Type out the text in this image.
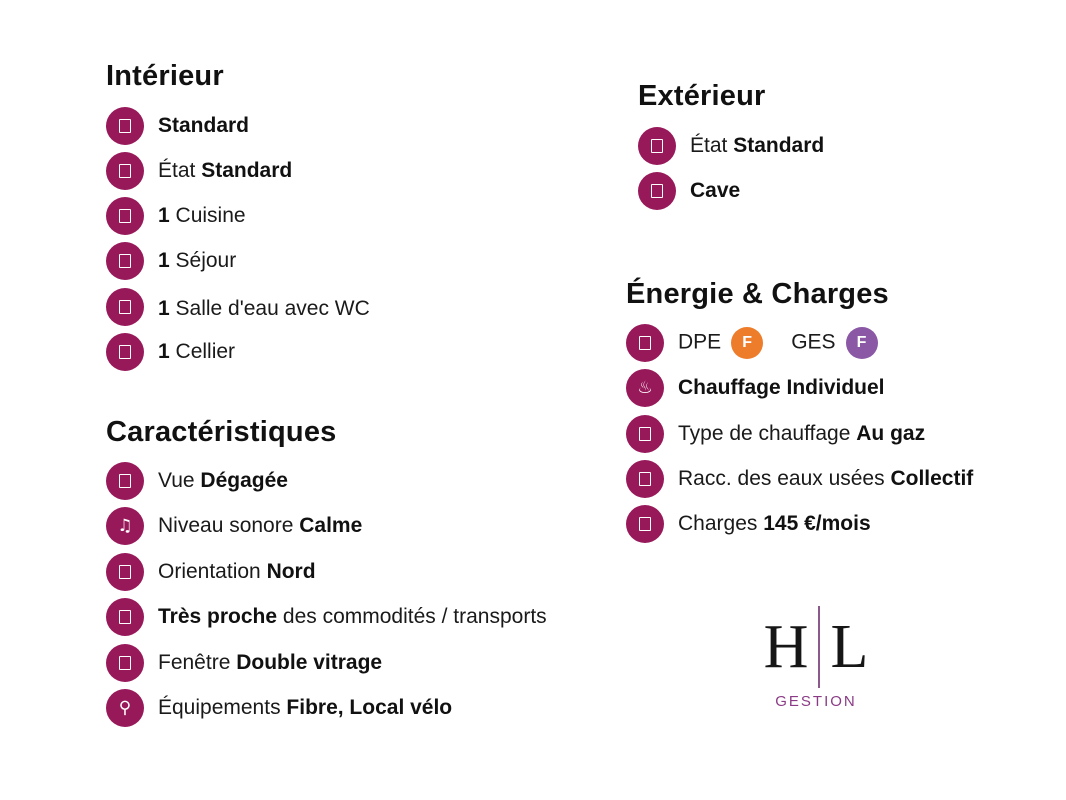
Intérieur
Standard
État Standard
1 Cuisine
1 Séjour
1 Salle d'eau avec WC
1 Cellier
Caractéristiques
Vue Dégagée
♫ Niveau sonore Calme
Orientation Nord
Très proche des commodités / transports
Fenêtre Double vitrage
⚲ Équipements Fibre, Local vélo
Extérieur
État Standard
Cave
Énergie & Charges
DPE F GES F
♨ Chauffage Individuel
Type de chauffage Au gaz
Racc. des eaux usées Collectif
Charges 145 €/mois
H L
GESTION
